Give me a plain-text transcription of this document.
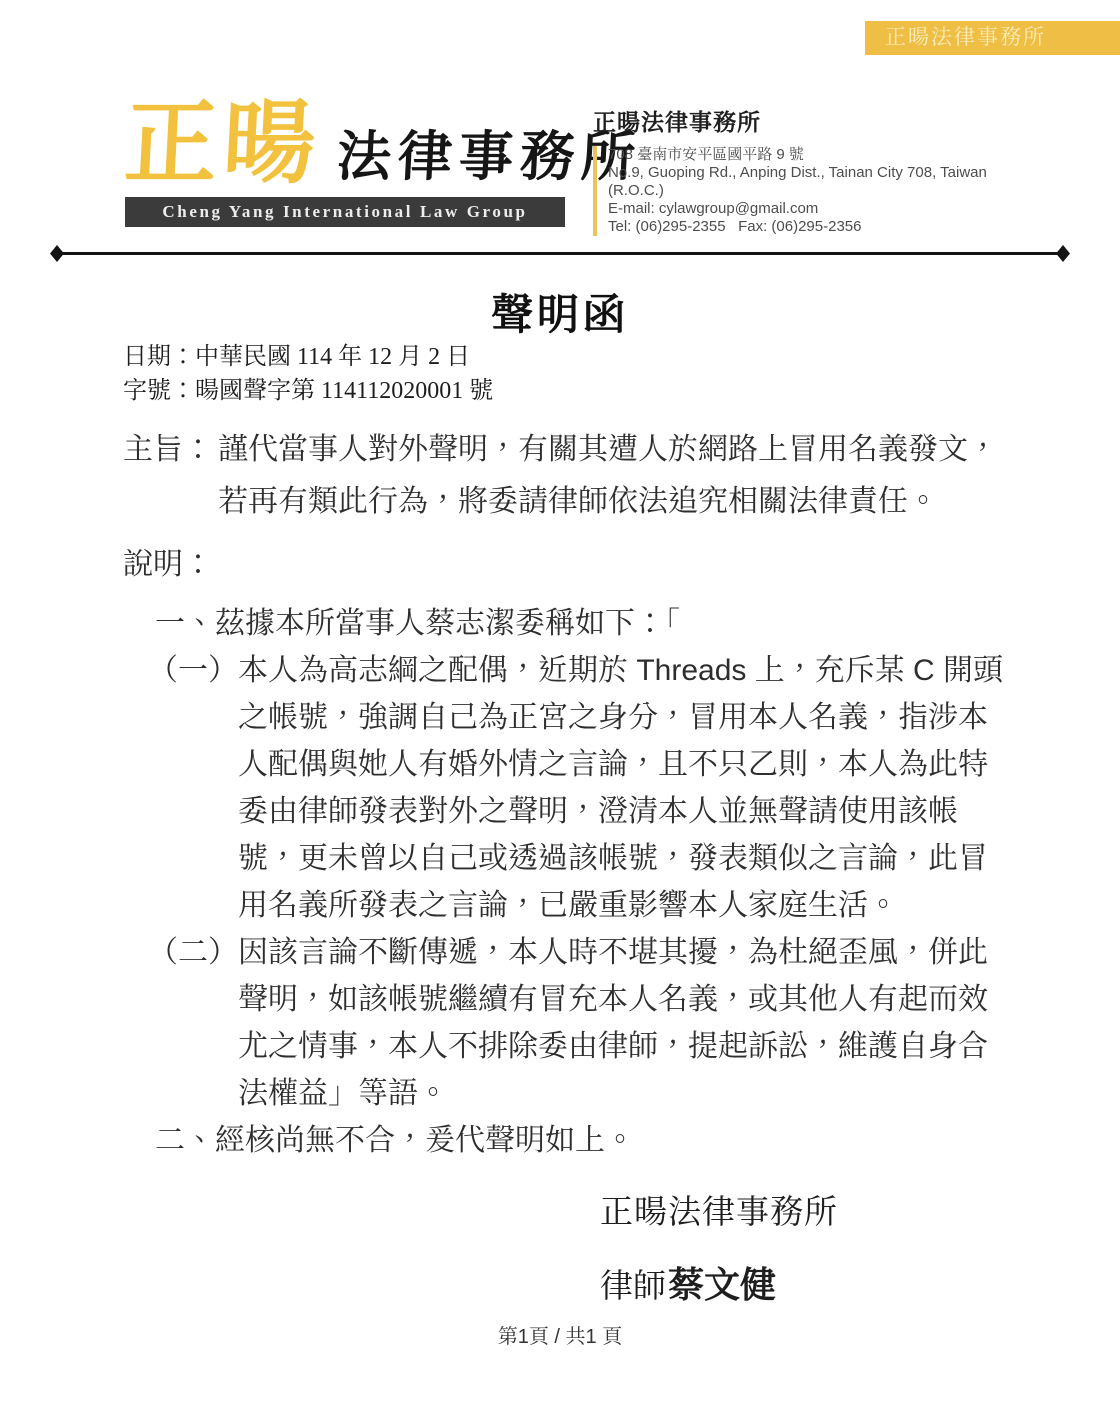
正暘法律事務所
正暘 法律事務所
Cheng Yang International Law Group
正暘法律事務所
708 臺南市安平區國平路 9 號
No.9, Guoping Rd., Anping Dist., Tainan City 708, Taiwan (R.O.C.)
E-mail: cylawgroup@gmail.com
Tel: (06)295-2355   Fax: (06)295-2356
聲明函
日期：中華民國 114 年 12 月 2 日
字號：暘國聲字第 114112020001 號
主旨： 謹代當事人對外聲明，有關其遭人於網路上冒用名義發文，
若再有類此行為，將委請律師依法追究相關法律責任。
說明：
一、茲據本所當事人蔡志潔委稱如下：「
（一） 本人為高志綱之配偶，近期於 Threads 上，充斥某 C 開頭
之帳號，強調自己為正宮之身分，冒用本人名義，指涉本
人配偶與她人有婚外情之言論，且不只乙則，本人為此特
委由律師發表對外之聲明，澄清本人並無聲請使用該帳
號，更未曾以自己或透過該帳號，發表類似之言論，此冒
用名義所發表之言論，已嚴重影響本人家庭生活。
（二） 因該言論不斷傳遞，本人時不堪其擾，為杜絕歪風，併此
聲明，如該帳號繼續有冒充本人名義，或其他人有起而效
尤之情事，本人不排除委由律師，提起訴訟，維護自身合
法權益」等語。
二、經核尚無不合，爰代聲明如上。
正暘法律事務所
律師蔡文健
第1頁 / 共1 頁
